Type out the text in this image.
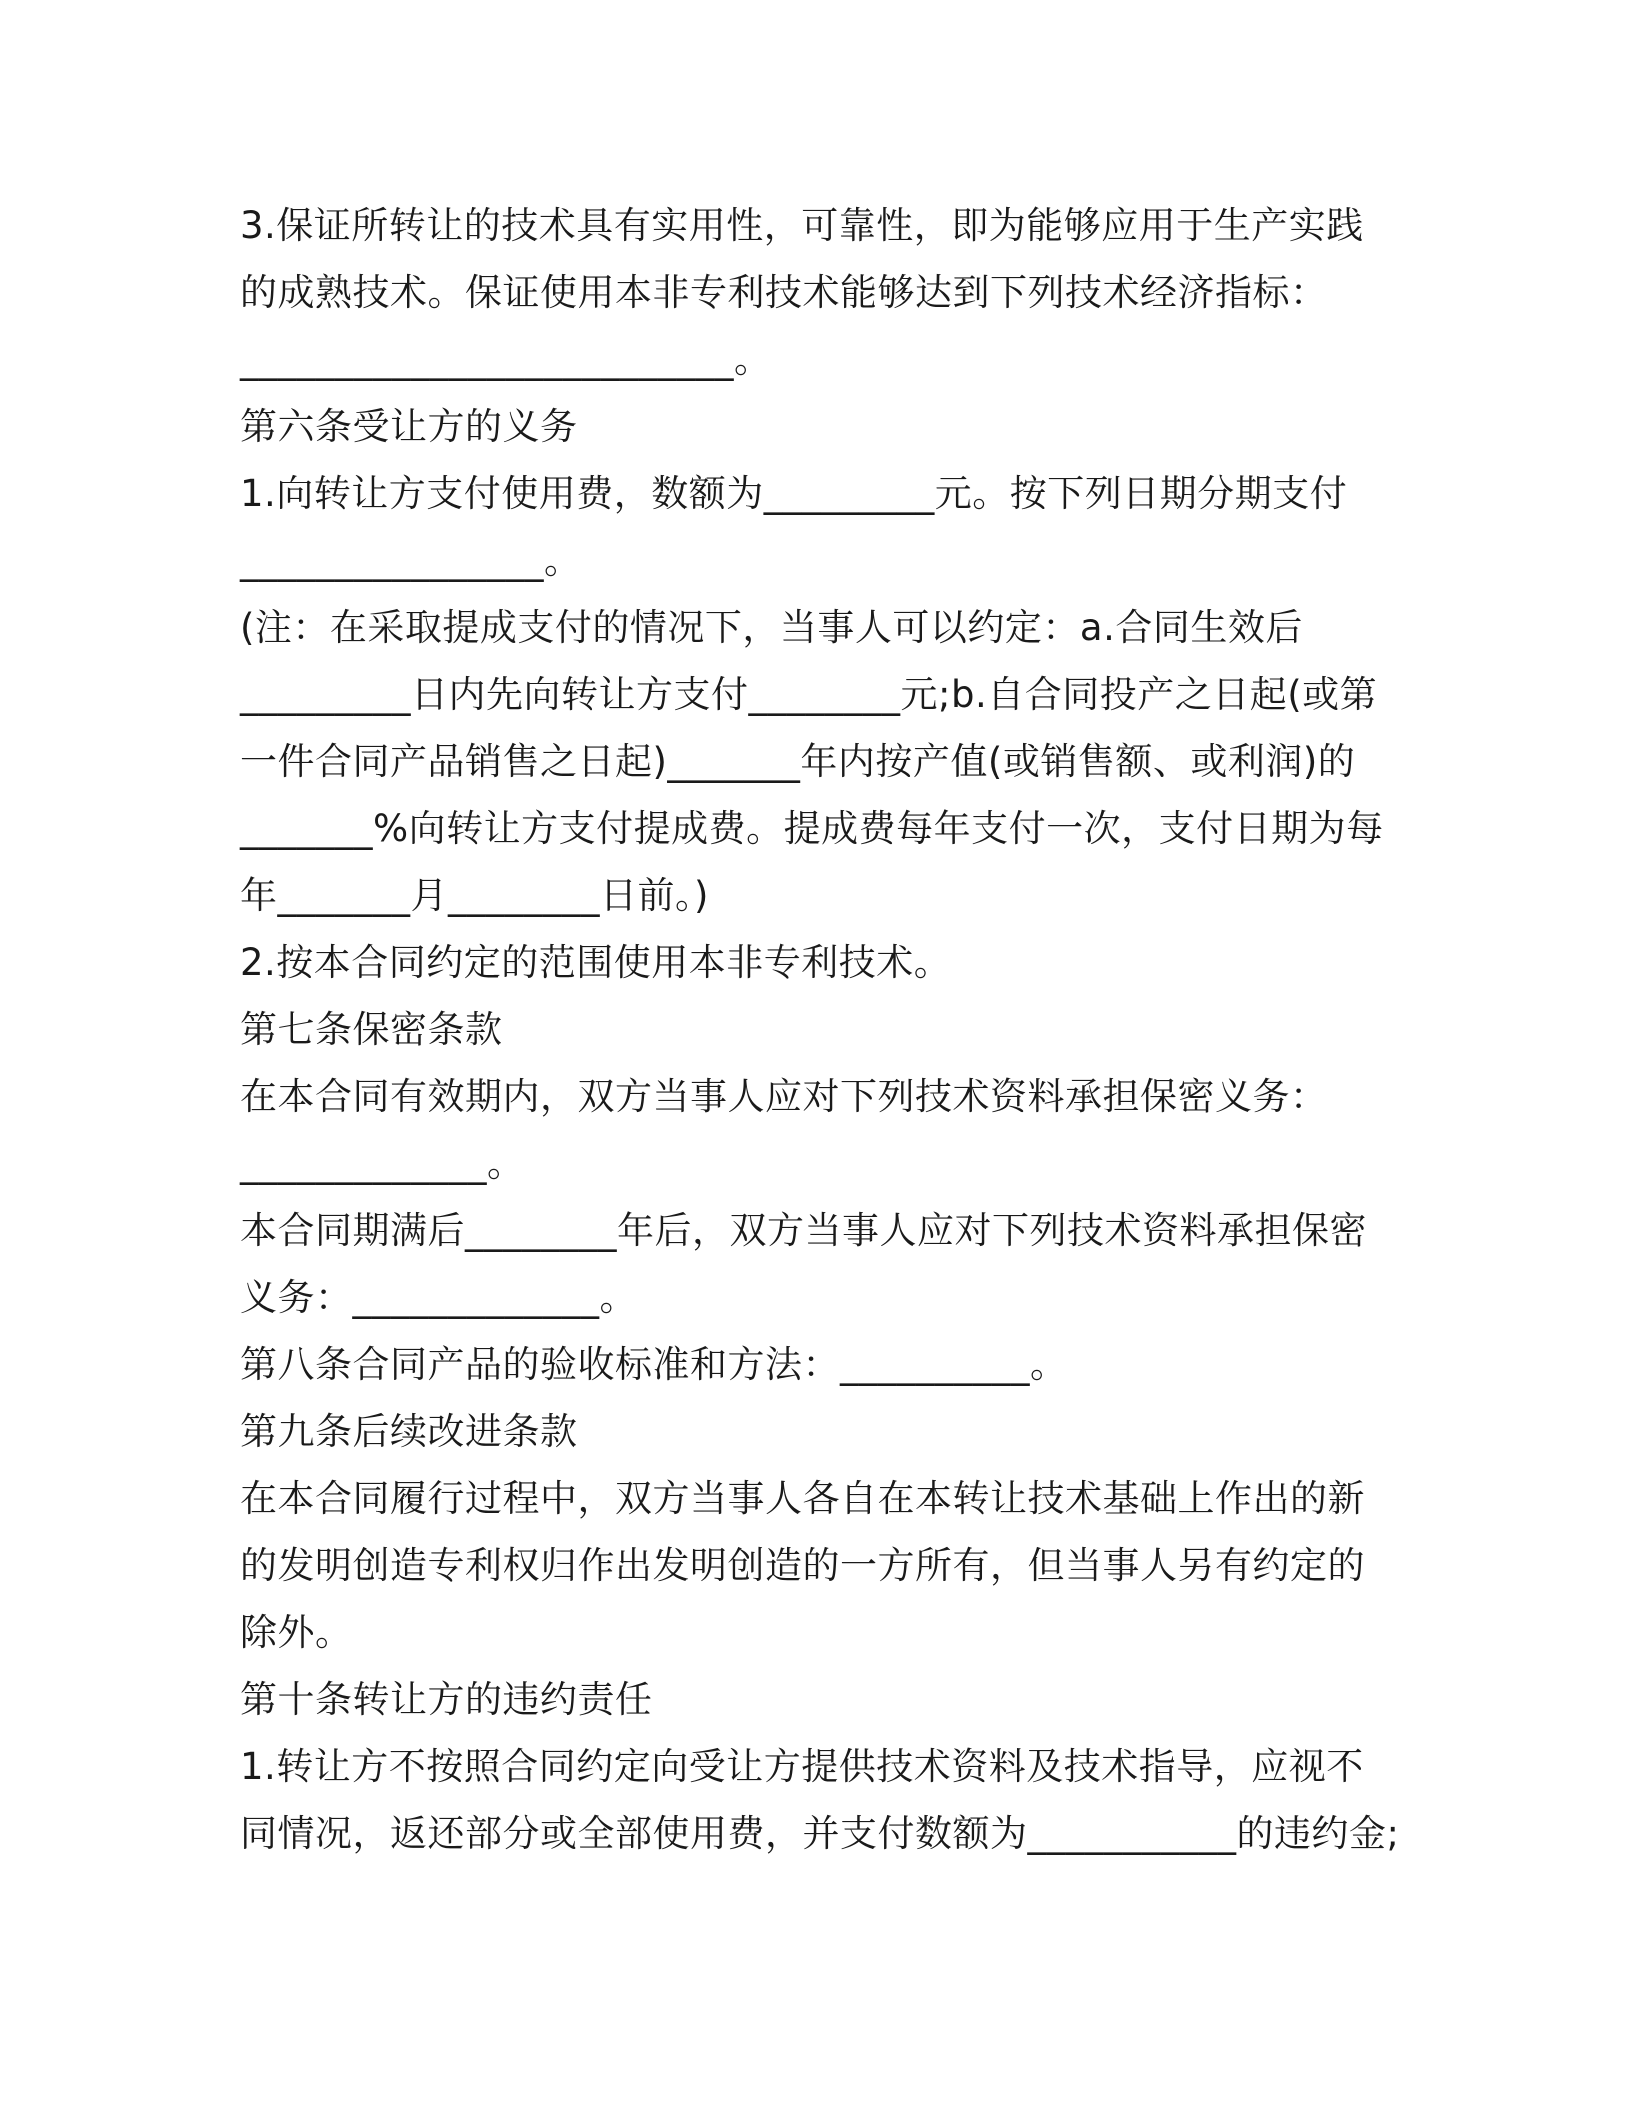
3.保证所转让的技术具有实用性，可靠性，即为能够应用于生产实践
的成熟技术。保证使用本非专利技术能够达到下列技术经济指标：
__________________________。
第六条受让方的义务
1.向转让方支付使用费，数额为_________元。按下列日期分期支付
________________。
(注：在采取提成支付的情况下，当事人可以约定：a.合同生效后
_________日内先向转让方支付________元;b.自合同投产之日起(或第
一件合同产品销售之日起)_______年内按产值(或销售额、或利润)的
_______%向转让方支付提成费。提成费每年支付一次，支付日期为每
年_______月________日前。)
2.按本合同约定的范围使用本非专利技术。
第七条保密条款
在本合同有效期内，双方当事人应对下列技术资料承担保密义务：
_____________。
本合同期满后________年后，双方当事人应对下列技术资料承担保密
义务：_____________。
第八条合同产品的验收标准和方法：__________。
第九条后续改进条款
在本合同履行过程中，双方当事人各自在本转让技术基础上作出的新
的发明创造专利权归作出发明创造的一方所有，但当事人另有约定的
除外。
第十条转让方的违约责任
1.转让方不按照合同约定向受让方提供技术资料及技术指导，应视不
同情况，返还部分或全部使用费，并支付数额为___________的违约金;
